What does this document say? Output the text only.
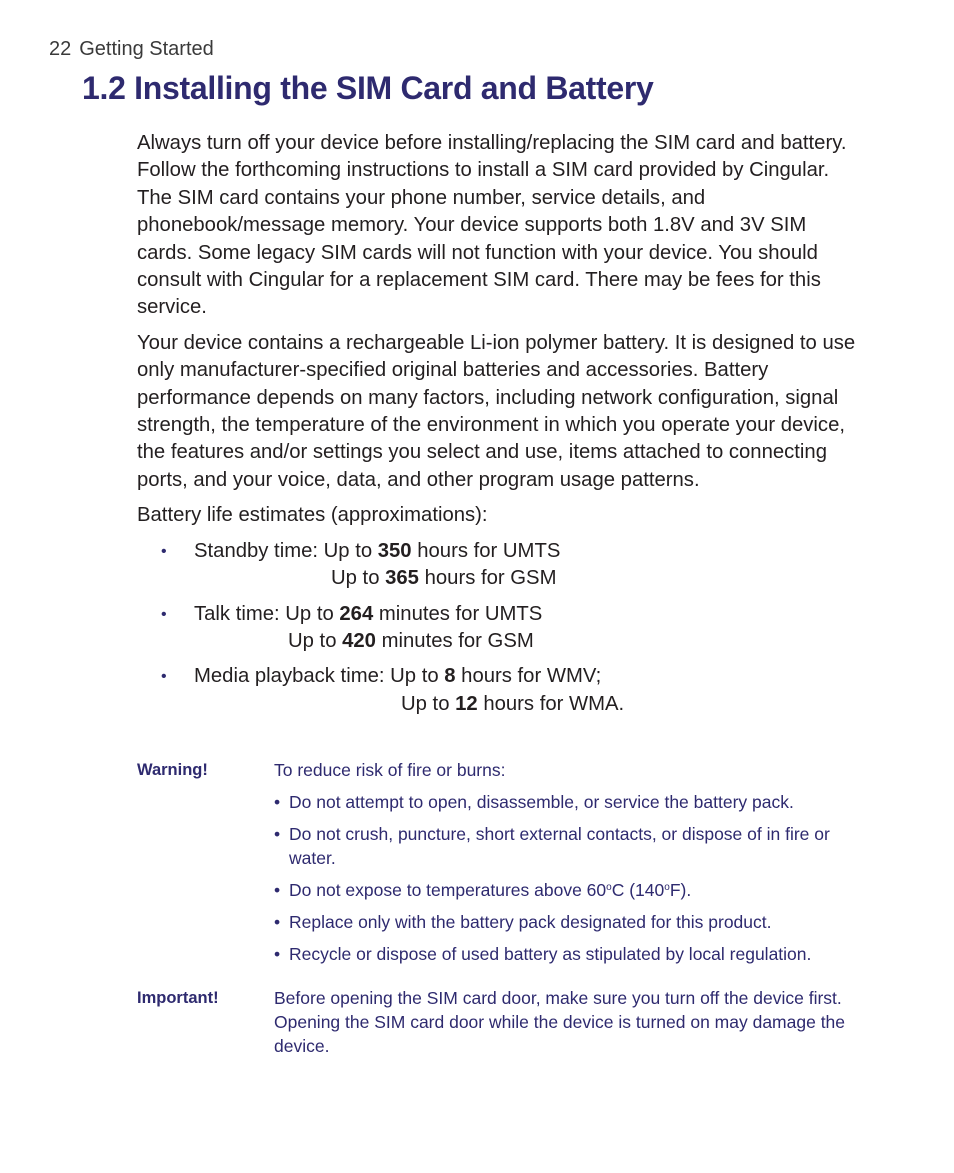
22 Getting Started
1.2 Installing the SIM Card and Battery

Always turn off your device before installing/replacing the SIM card and battery. Follow the forthcoming instructions to install a SIM card provided by Cingular. The SIM card contains your phone number, service details, and phonebook/message memory. Your device supports both 1.8V and 3V SIM cards. Some legacy SIM cards will not function with your device. You should consult with Cingular for a replacement SIM card. There may be fees for this service.

Your device contains a rechargeable Li-ion polymer battery. It is designed to use only manufacturer-specified original batteries and accessories. Battery performance depends on many factors, including network configuration, signal strength, the temperature of the environment in which you operate your device, the features and/or settings you select and use, items attached to connecting ports, and your voice, data, and other program usage patterns.

Battery life estimates (approximations):

• Standby time: Up to 350 hours for UMTS
Up to 365 hours for GSM
• Talk time: Up to 264 minutes for UMTS
Up to 420 minutes for GSM
• Media playback time: Up to 8 hours for WMV;
Up to 12 hours for WMA.
Warning!	To reduce risk of fire or burns:
• Do not attempt to open, disassemble, or service the battery pack.
• Do not crush, puncture, short external contacts, or dispose of in fire or water.
• Do not expose to temperatures above 60$^o$C (140$^o$F).
• Replace only with the battery pack designated for this product.
• Recycle or dispose of used battery as stipulated by local regulation.
Important!	Before opening the SIM card door, make sure you turn off the device first. Opening the SIM card door while the device is turned on may damage the device.
